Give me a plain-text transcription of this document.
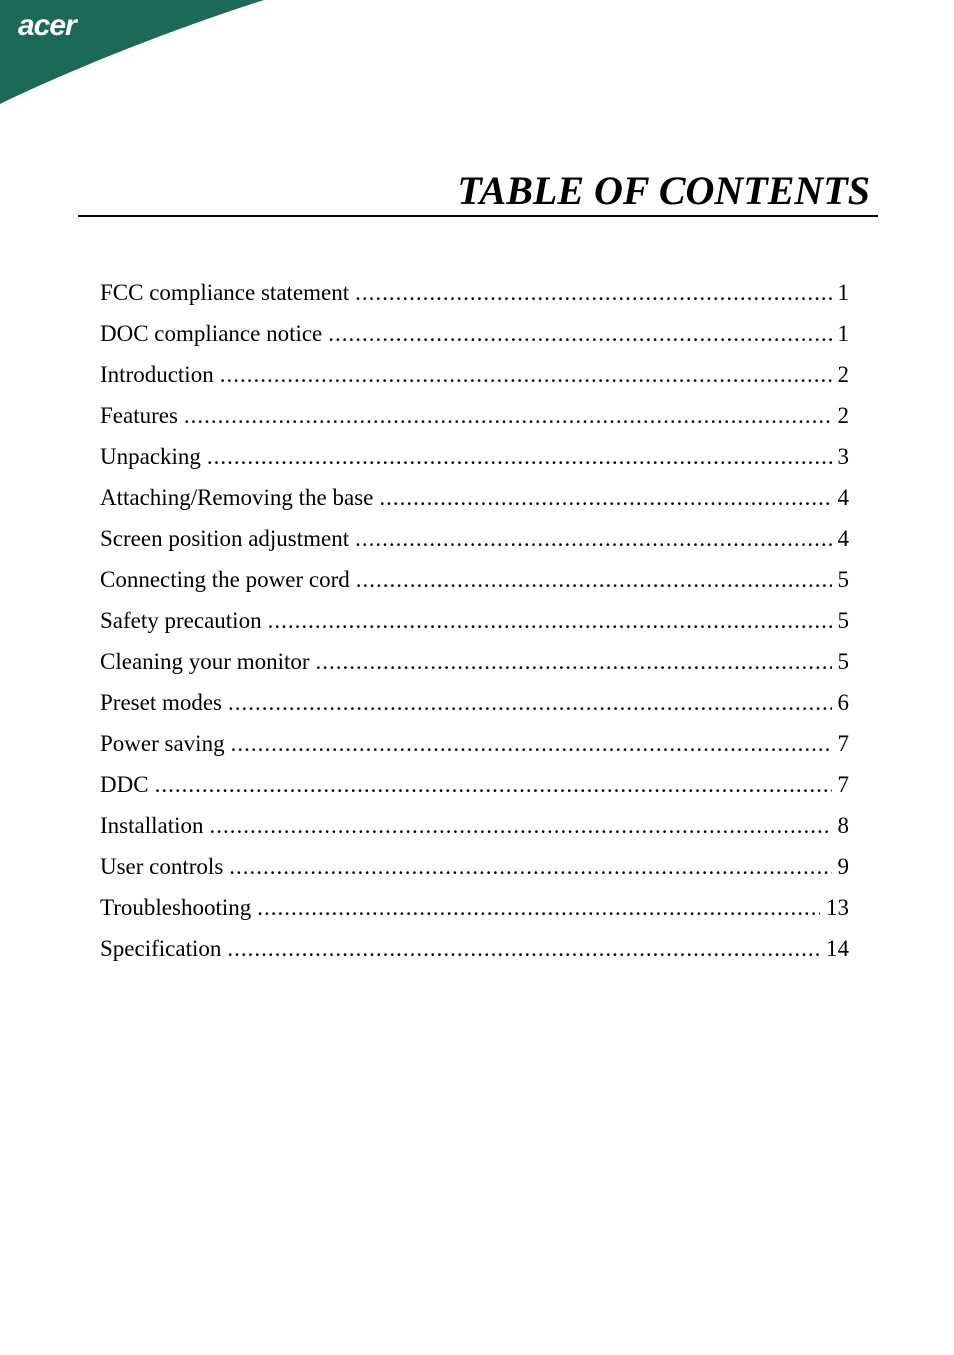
acer
TABLE OF CONTENTS
FCC compliance statement .....	1
DOC compliance notice .....	1
Introduction .....	2
Features .....	2
Unpacking .....	3
Attaching/Removing the base .....	4
Screen position adjustment .....	4
Connecting the power cord .....	5
Safety precaution .....	5
Cleaning your monitor .....	5
Preset modes .....	6
Power saving .....	7
DDC .....	7
Installation .....	8
User controls .....	9
Troubleshooting .....	13
Specification .....	14
